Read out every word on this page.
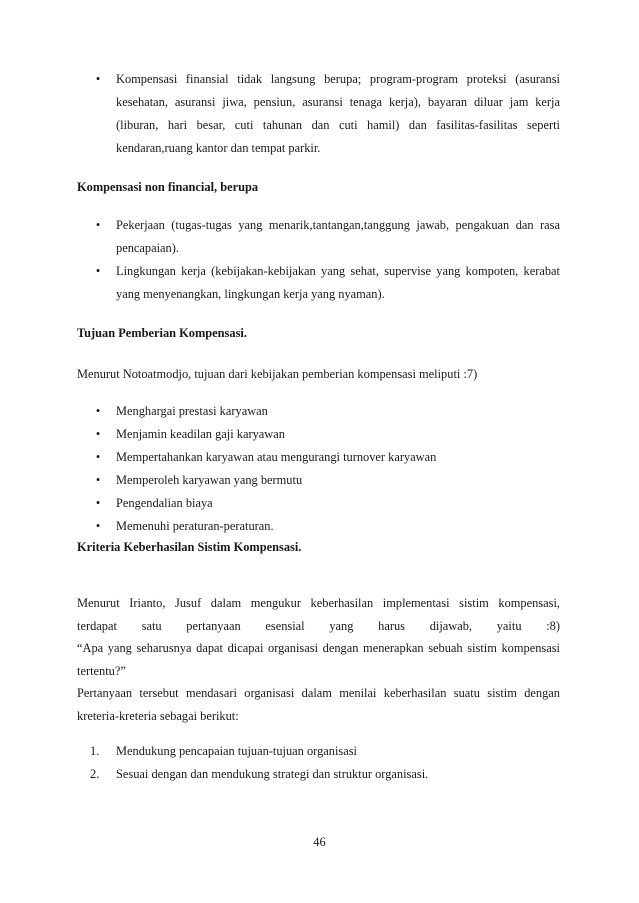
• Kompensasi finansial tidak langsung berupa; program-program proteksi (asuransi kesehatan, asuransi jiwa, pensiun, asuransi tenaga kerja), bayaran diluar jam kerja (liburan, hari besar, cuti tahunan dan cuti hamil) dan fasilitas-fasilitas seperti kendaran,ruang kantor dan tempat parkir.
Kompensasi non financial, berupa
• Pekerjaan (tugas-tugas yang menarik,tantangan,tanggung jawab, pengakuan dan rasa pencapaian).
• Lingkungan kerja (kebijakan-kebijakan yang sehat, supervise yang kompoten, kerabat yang menyenangkan, lingkungan kerja yang nyaman).
Tujuan Pemberian Kompensasi.
Menurut Notoatmodjo, tujuan dari kebijakan pemberian kompensasi meliputi :7)
• Menghargai prestasi karyawan
• Menjamin keadilan gaji karyawan
• Mempertahankan karyawan atau mengurangi turnover karyawan
• Memperoleh karyawan yang bermutu
• Pengendalian biaya
• Memenuhi peraturan-peraturan.
Kriteria Keberhasilan Sistim Kompensasi.
Menurut Irianto, Jusuf dalam mengukur keberhasilan implementasi sistim kompensasi,
terdapat satu pertanyaan esensial yang harus dijawab, yaitu :8)
“Apa yang seharusnya dapat dicapai organisasi dengan menerapkan sebuah sistim kompensasi
tertentu?”
Pertanyaan tersebut mendasari organisasi dalam menilai keberhasilan suatu sistim dengan kreteria-kreteria sebagai berikut:
1. Mendukung pencapaian tujuan-tujuan organisasi
2. Sesuai dengan dan mendukung strategi dan struktur organisasi.
46
